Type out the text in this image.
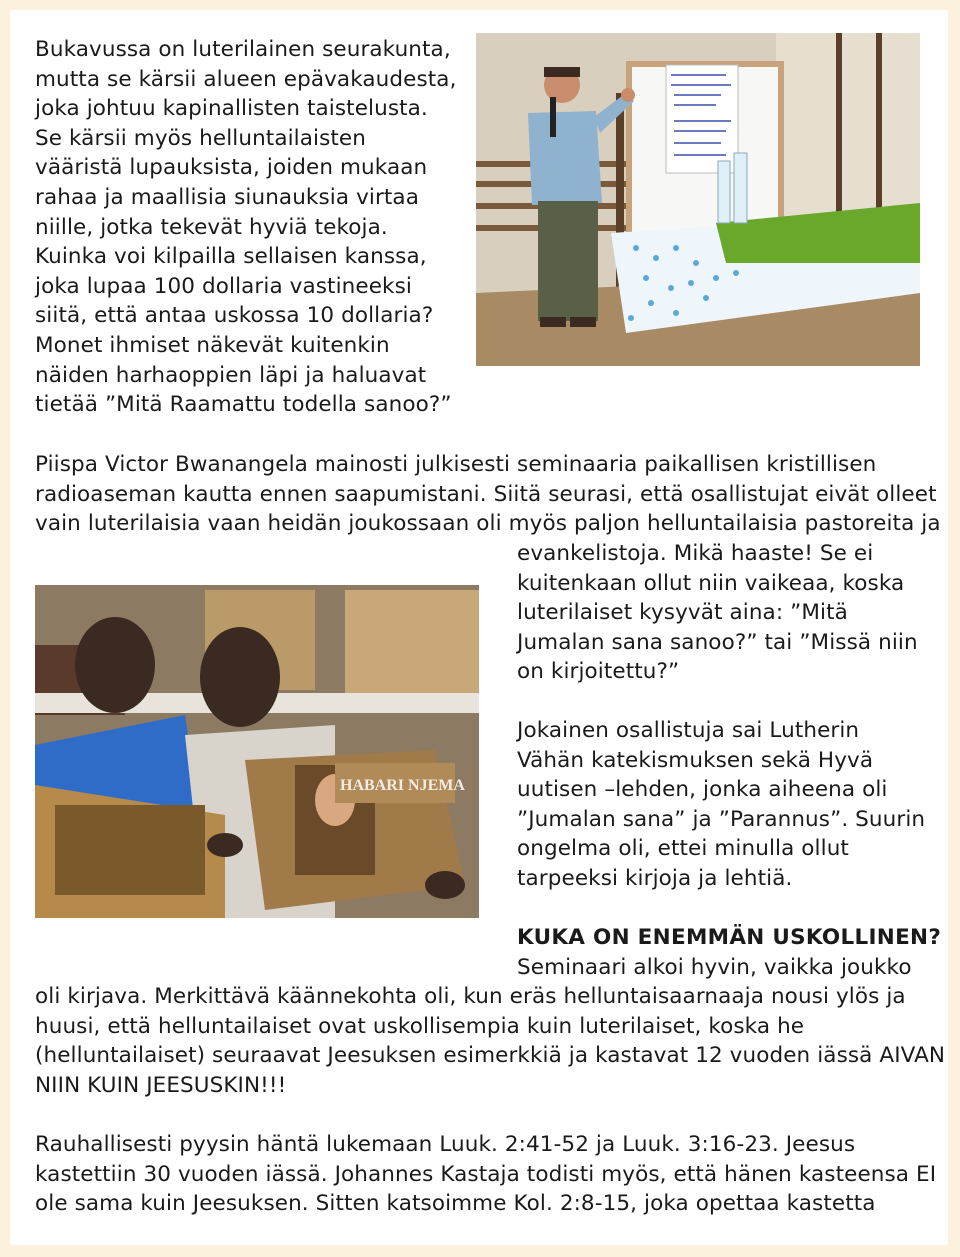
Bukavussa on luterilainen seurakunta,
mutta se kärsii alueen epävakaudesta,
joka johtuu kapinallisten taistelusta.
Se kärsii myös helluntailaisten
vääristä lupauksista, joiden mukaan
rahaa ja maallisia siunauksia virtaa
niille, jotka tekevät hyviä tekoja.
Kuinka voi kilpailla sellaisen kanssa,
joka lupaa 100 dollaria vastineeksi
siitä, että antaa uskossa 10 dollaria?
Monet ihmiset näkevät kuitenkin
näiden harhaoppien läpi ja haluavat
tietää ”Mitä Raamattu todella sanoo?”
Piispa Victor Bwanangela mainosti julkisesti seminaaria paikallisen kristillisen
radioaseman kautta ennen saapumistani. Siitä seurasi, että osallistujat eivät olleet
vain luterilaisia vaan heidän joukossaan oli myös paljon helluntailaisia pastoreita ja
evankelistoja. Mikä haaste! Se ei
kuitenkaan ollut niin vaikeaa, koska
luterilaiset kysyvät aina: ”Mitä
Jumalan sana sanoo?” tai ”Missä niin
on kirjoitettu?”
HABARI NJEMA
Jokainen osallistuja sai Lutherin
Vähän katekismuksen sekä Hyvä
uutisen –lehden, jonka aiheena oli
”Jumalan sana” ja ”Parannus”. Suurin
ongelma oli, ettei minulla ollut
tarpeeksi kirjoja ja lehtiä.
KUKA ON ENEMMÄN USKOLLINEN?
Seminaari alkoi hyvin, vaikka joukko
oli kirjava. Merkittävä käännekohta oli, kun eräs helluntaisaarnaaja nousi ylös ja
huusi, että helluntailaiset ovat uskollisempia kuin luterilaiset, koska he
(helluntailaiset) seuraavat Jeesuksen esimerkkiä ja kastavat 12 vuoden iässä AIVAN
NIIN KUIN JEESUSKIN!!!
Rauhallisesti pyysin häntä lukemaan Luuk. 2:41-52 ja Luuk. 3:16-23. Jeesus
kastettiin 30 vuoden iässä. Johannes Kastaja todisti myös, että hänen kasteensa EI
ole sama kuin Jeesuksen. Sitten katsoimme Kol. 2:8-15, joka opettaa kastetta
